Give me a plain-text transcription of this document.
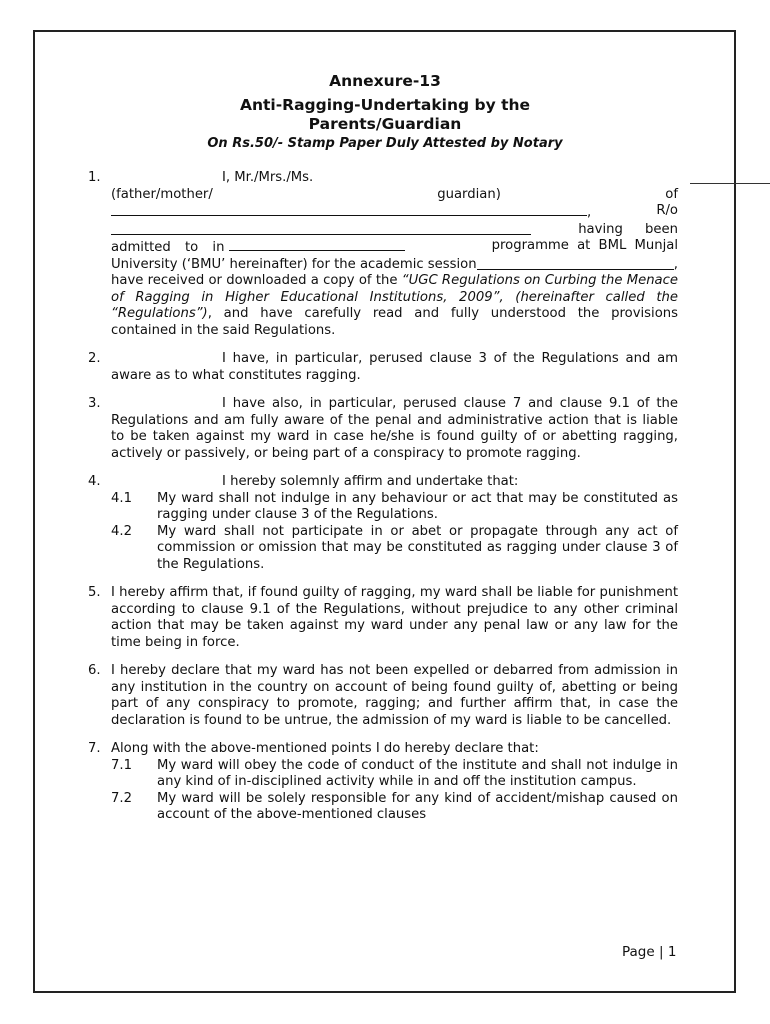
Annexure-13
Anti-Ragging-Undertaking by the Parents/Guardian
On Rs.50/- Stamp Paper Duly Attested by Notary
1.	I, Mr./Mrs./Ms.
(father/mother/	guardian)	of
,	R/o
having been
admitted to in	programme at BML Munjal
University (‘BMU’ hereinafter) for the academic session	,
have received or downloaded a copy of the “UGC Regulations on Curbing the Menace of Ragging in Higher Educational Institutions, 2009”, (hereinafter called the “Regulations”), and have carefully read and fully understood the provisions contained in the said Regulations.
2.	I have, in particular, perused clause 3 of the Regulations and am aware as to what constitutes ragging.
3.	I have also, in particular, perused clause 7 and clause 9.1 of the Regulations and am fully aware of the penal and administrative action that is liable to be taken against my ward in case he/she is found guilty of or abetting ragging, actively or passively, or being part of a conspiracy to promote ragging.
4.	I hereby solemnly affirm and undertake that:
4.1 My ward shall not indulge in any behaviour or act that may be constituted as ragging under clause 3 of the Regulations.
4.2 My ward shall not participate in or abet or propagate through any act of commission or omission that may be constituted as ragging under clause 3 of the Regulations.
5. I hereby affirm that, if found guilty of ragging, my ward shall be liable for punishment according to clause 9.1 of the Regulations, without prejudice to any other criminal action that may be taken against my ward under any penal law or any law for the time being in force.
6. I hereby declare that my ward has not been expelled or debarred from admission in any institution in the country on account of being found guilty of, abetting or being part of any conspiracy to promote, ragging; and further affirm that, in case the declaration is found to be untrue, the admission of my ward is liable to be cancelled.
7. Along with the above-mentioned points I do hereby declare that:
7.1 My ward will obey the code of conduct of the institute and shall not indulge in any kind of in-disciplined activity while in and off the institution campus.
7.2 My ward will be solely responsible for any kind of accident/mishap caused on account of the above-mentioned clauses
Page | 1
